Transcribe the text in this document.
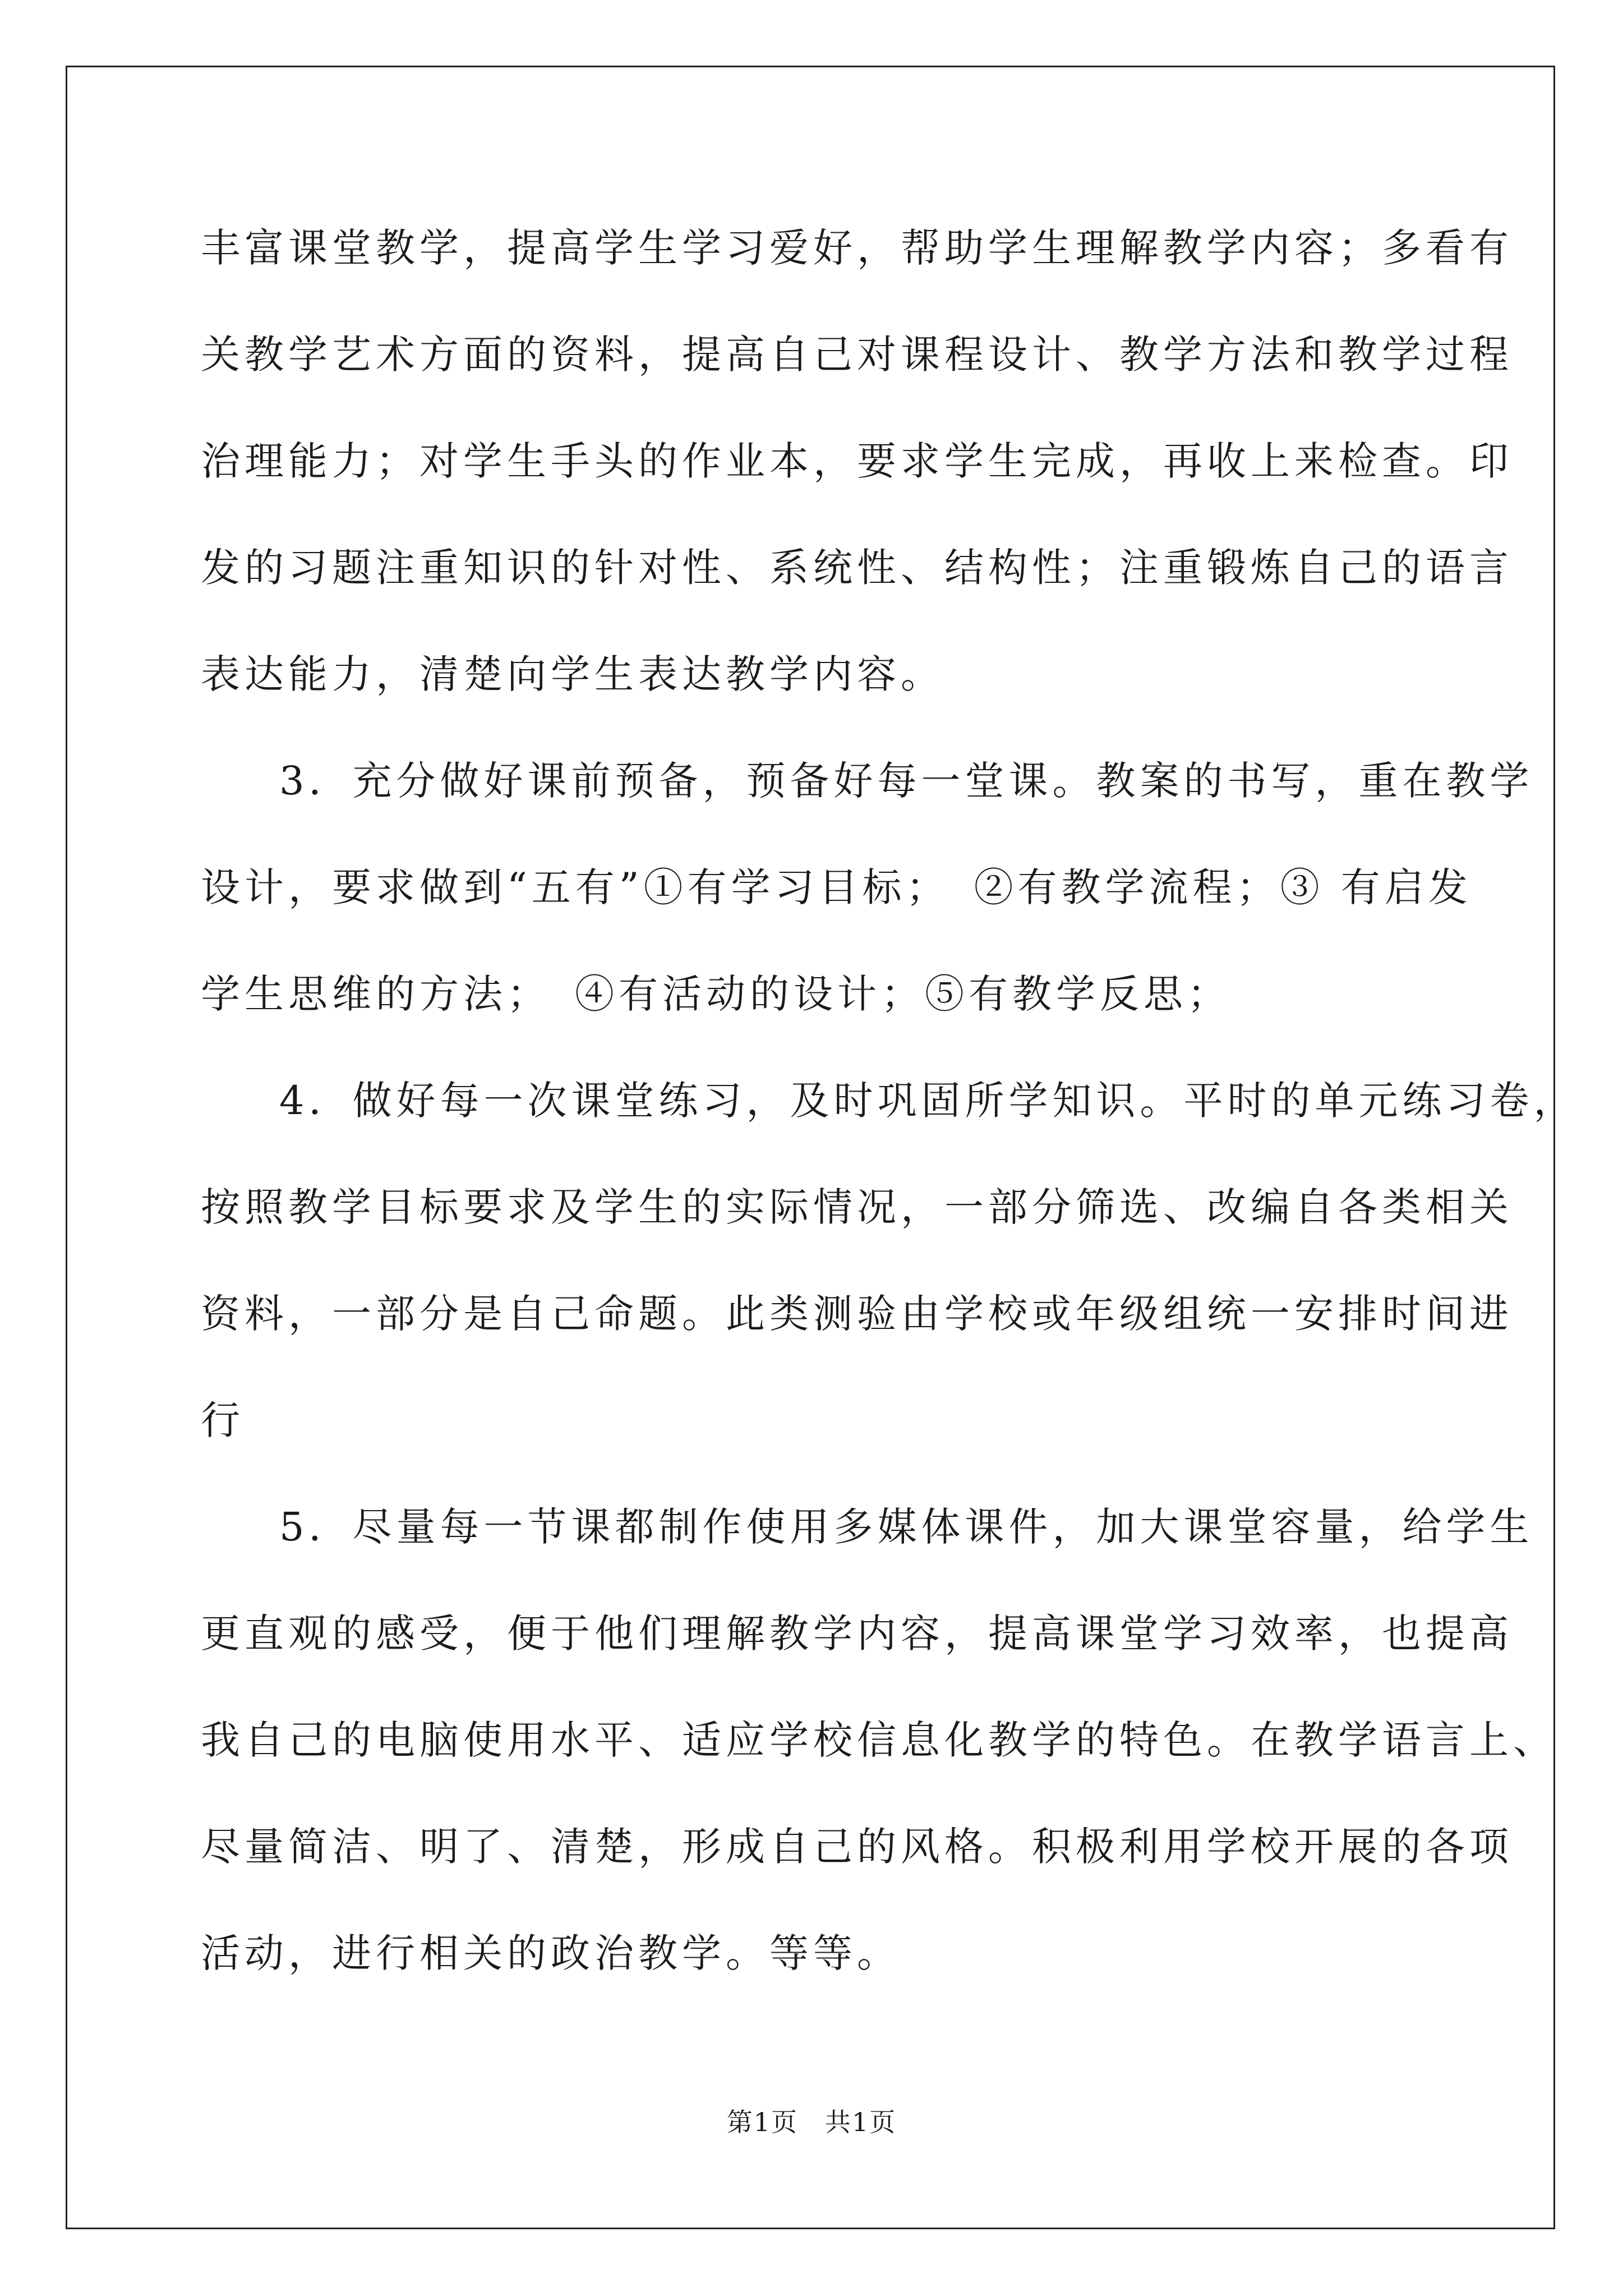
丰富课堂教学，提高学生学习爱好，帮助学生理解教学内容；多看有
关教学艺术方面的资料，提高自己对课程设计、教学方法和教学过程
治理能力；对学生手头的作业本，要求学生完成，再收上来检查。印
发的习题注重知识的针对性、系统性、结构性；注重锻炼自己的语言
表达能力，清楚向学生表达教学内容。
3．充分做好课前预备，预备好每一堂课。教案的书写，重在教学
设计，要求做到“五有”①有学习目标；　②有教学流程；③ 有启发
学生思维的方法；　④有活动的设计；⑤有教学反思；
4．做好每一次课堂练习，及时巩固所学知识。平时的单元练习卷，
按照教学目标要求及学生的实际情况，一部分筛选、改编自各类相关
资料，一部分是自己命题。此类测验由学校或年级组统一安排时间进
行
5．尽量每一节课都制作使用多媒体课件，加大课堂容量，给学生
更直观的感受，便于他们理解教学内容，提高课堂学习效率，也提高
我自己的电脑使用水平、适应学校信息化教学的特色。在教学语言上、
尽量简洁、明了、清楚，形成自己的风格。积极利用学校开展的各项
活动，进行相关的政治教学。等等。
第1页　共1页
